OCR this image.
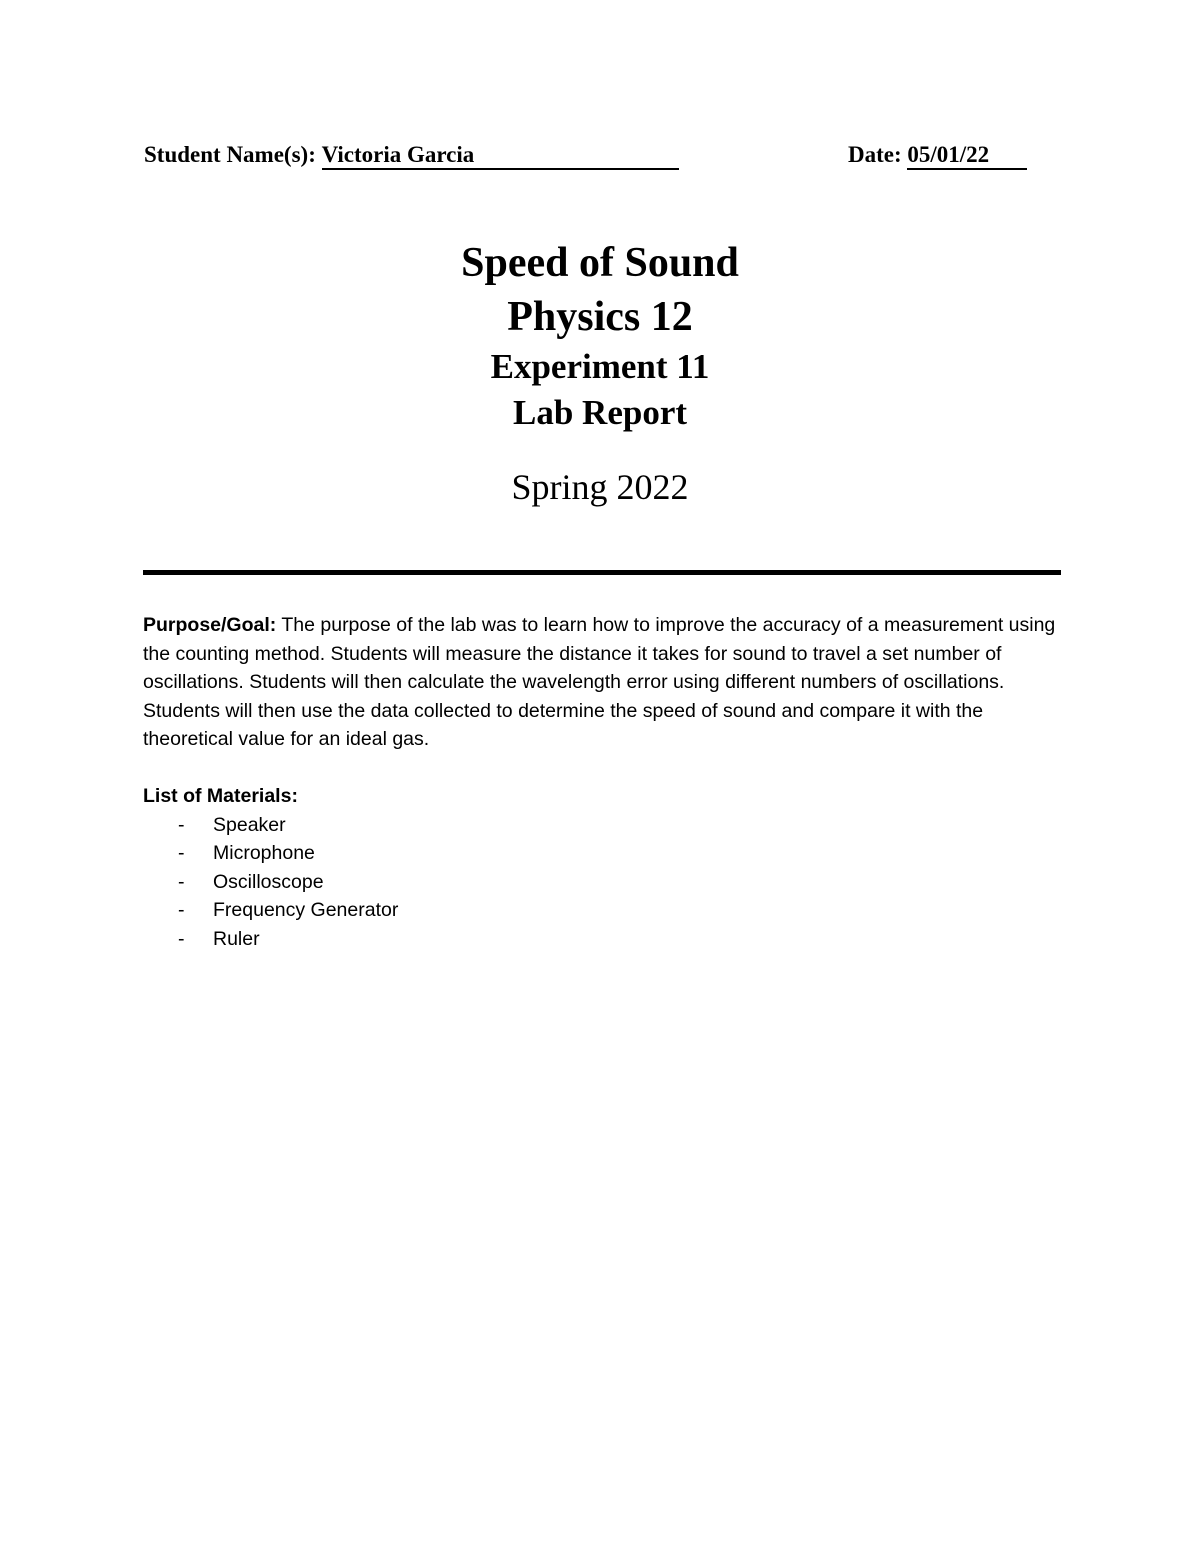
Student Name(s): Victoria Garcia	Date: 05/01/22
Speed of Sound
Physics 12
Experiment 11
Lab Report
Spring 2022

Purpose/Goal: The purpose of the lab was to learn how to improve the accuracy of a measurement using the counting method. Students will measure the distance it takes for sound to travel a set number of oscillations. Students will then calculate the wavelength error using different numbers of oscillations. Students will then use the data collected to determine the speed of sound and compare it with the theoretical value for an ideal gas.

List of Materials:

- Speaker
- Microphone
- Oscilloscope
- Frequency Generator
- Ruler
